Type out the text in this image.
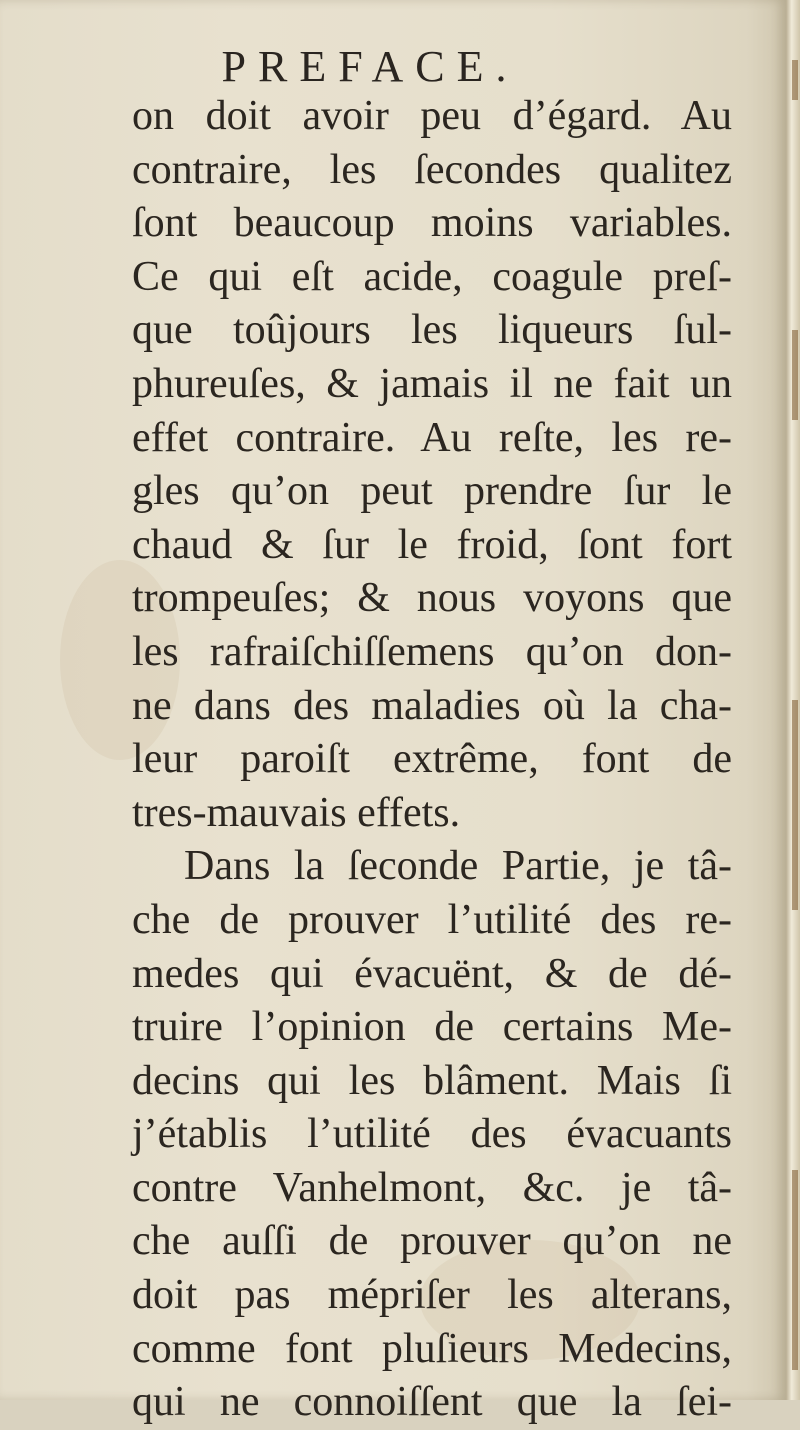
PREFACE.
on doit avoir peu d’égard. Au
contraire, les ſecondes qualitez
ſont beaucoup moins variables.
Ce qui eſt acide, coagule preſ-
que toûjours les liqueurs ſul-
phureuſes, & jamais il ne fait un
effet contraire. Au reſte, les re-
gles qu’on peut prendre ſur le
chaud & ſur le froid, ſont fort
trompeuſes; & nous voyons que
les rafraiſchiſſemens qu’on don-
ne dans des maladies où la cha-
leur paroiſt extrême, font de
tres-mauvais effets.
Dans la ſeconde Partie, je tâ-
che de prouver l’utilité des re-
medes qui évacuënt, & de dé-
truire l’opinion de certains Me-
decins qui les blâment. Mais ſi
j’établis l’utilité des évacuants
contre Vanhelmont, &c. je tâ-
che auſſi de prouver qu’on ne
doit pas mépriſer les alterans,
comme font pluſieurs Medecins,
qui ne connoiſſent que la ſei-
